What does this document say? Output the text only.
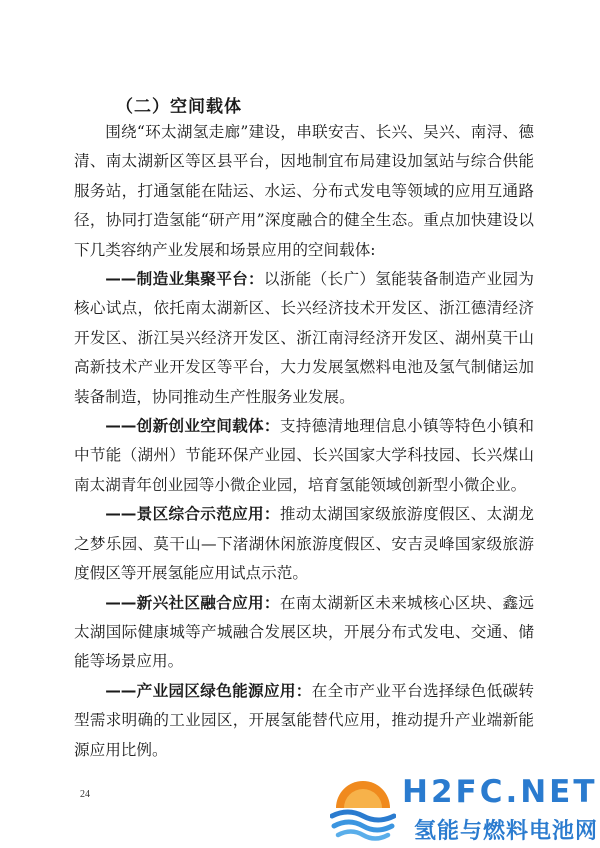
（二）空间载体

围绕“环太湖氢走廊”建设，串联安吉、长兴、吴兴、南浔、德清、南太湖新区等区县平台，因地制宜布局建设加氢站与综合供能服务站，打通氢能在陆运、水运、分布式发电等领域的应用互通路径，协同打造氢能“研产用”深度融合的健全生态。重点加快建设以下几类容纳产业发展和场景应用的空间载体:

——制造业集聚平台：以浙能（长广）氢能装备制造产业园为核心试点，依托南太湖新区、长兴经济技术开发区、浙江德清经济开发区、浙江吴兴经济开发区、浙江南浔经济开发区、湖州莫干山高新技术产业开发区等平台，大力发展氢燃料电池及氢气制储运加装备制造，协同推动生产性服务业发展。

——创新创业空间载体：支持德清地理信息小镇等特色小镇和中节能（湖州）节能环保产业园、长兴国家大学科技园、长兴煤山南太湖青年创业园等小微企业园，培育氢能领域创新型小微企业。

——景区综合示范应用：推动太湖国家级旅游度假区、太湖龙之梦乐园、莫干山—下渚湖休闲旅游度假区、安吉灵峰国家级旅游度假区等开展氢能应用试点示范。

——新兴社区融合应用：在南太湖新区未来城核心区块、鑫远太湖国际健康城等产城融合发展区块，开展分布式发电、交通、储能等场景应用。

——产业园区绿色能源应用：在全市产业平台选择绿色低碳转型需求明确的工业园区，开展氢能替代应用，推动提升产业端新能源应用比例。

24	H2FC.NET
氢能与燃料电池网
